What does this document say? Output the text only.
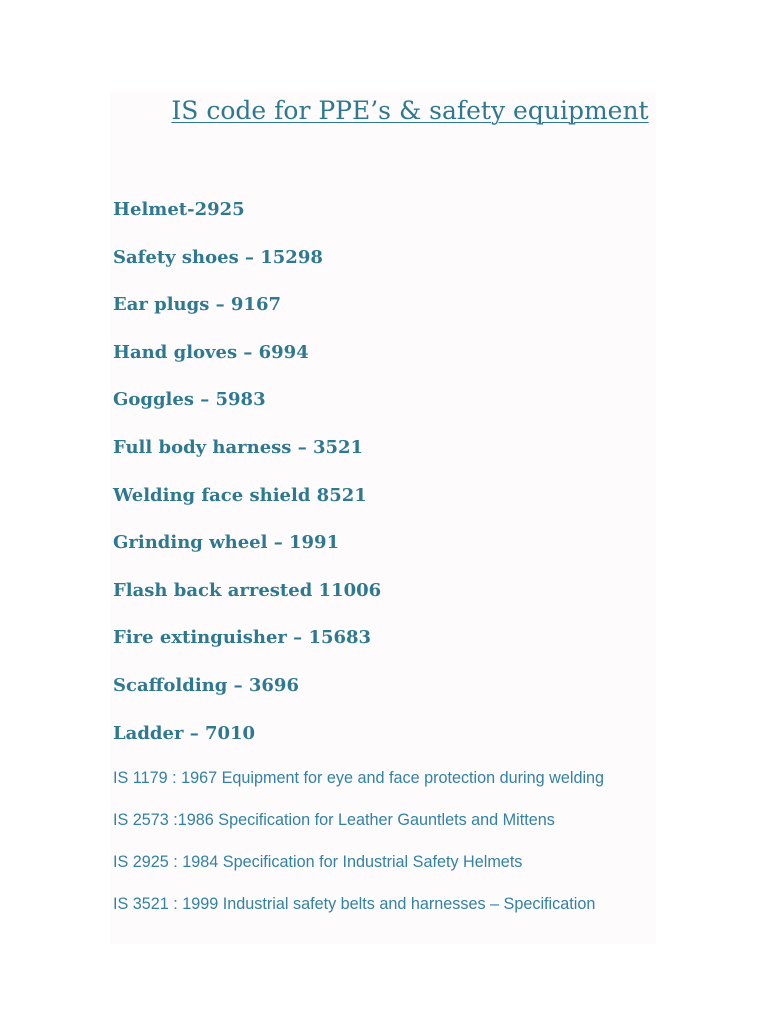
IS code for PPE’s & safety equipment
Helmet-2925
Safety shoes – 15298
Ear plugs – 9167
Hand gloves – 6994
Goggles – 5983
Full body harness – 3521
Welding face shield 8521
Grinding wheel – 1991
Flash back arrested 11006
Fire extinguisher – 15683
Scaffolding – 3696
Ladder – 7010
IS 1179 : 1967 Equipment for eye and face protection during welding
IS 2573 :1986 Specification for Leather Gauntlets and Mittens
IS 2925 : 1984 Specification for Industrial Safety Helmets
IS 3521 : 1999 Industrial safety belts and harnesses – Specification
